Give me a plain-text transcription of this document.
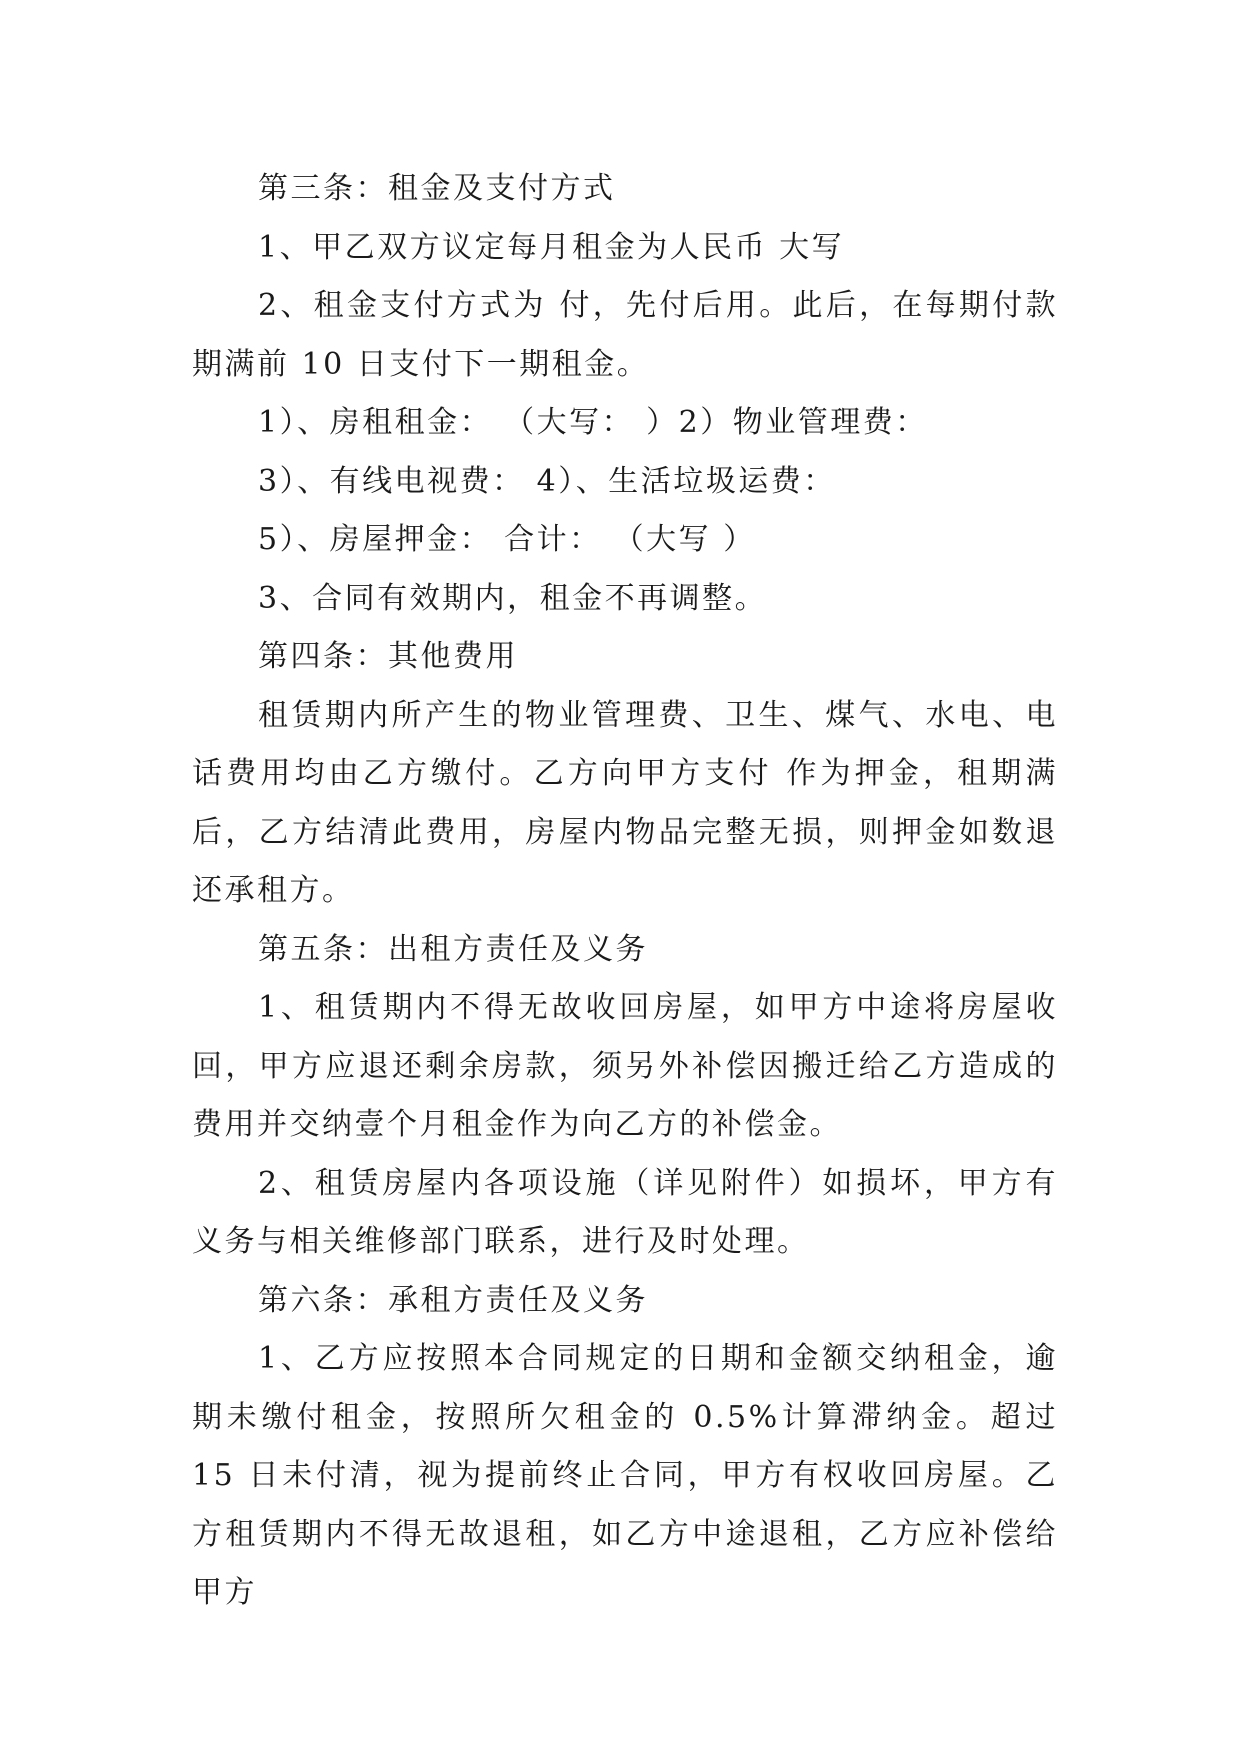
第三条：租金及支付方式

1、甲乙双方议定每月租金为人民币 大写

2、租金支付方式为 付，先付后用。此后，在每期付款期满前 10 日支付下一期租金。

1）、房租租金： （大写： ）2）物业管理费：

3）、有线电视费： 4）、生活垃圾运费：

5）、房屋押金： 合计： （大写 ）

3、合同有效期内，租金不再调整。

第四条：其他费用

租赁期内所产生的物业管理费、卫生、煤气、水电、电话费用均由乙方缴付。乙方向甲方支付 作为押金，租期满后，乙方结清此费用，房屋内物品完整无损，则押金如数退还承租方。

第五条：出租方责任及义务

1、租赁期内不得无故收回房屋，如甲方中途将房屋收回，甲方应退还剩余房款，须另外补偿因搬迁给乙方造成的费用并交纳壹个月租金作为向乙方的补偿金。

2、租赁房屋内各项设施（详见附件）如损坏，甲方有义务与相关维修部门联系，进行及时处理。

第六条：承租方责任及义务

1、乙方应按照本合同规定的日期和金额交纳租金，逾期未缴付租金，按照所欠租金的 0.5%计算滞纳金。超过 15 日未付清，视为提前终止合同，甲方有权收回房屋。乙方租赁期内不得无故退租，如乙方中途退租，乙方应补偿给甲方
